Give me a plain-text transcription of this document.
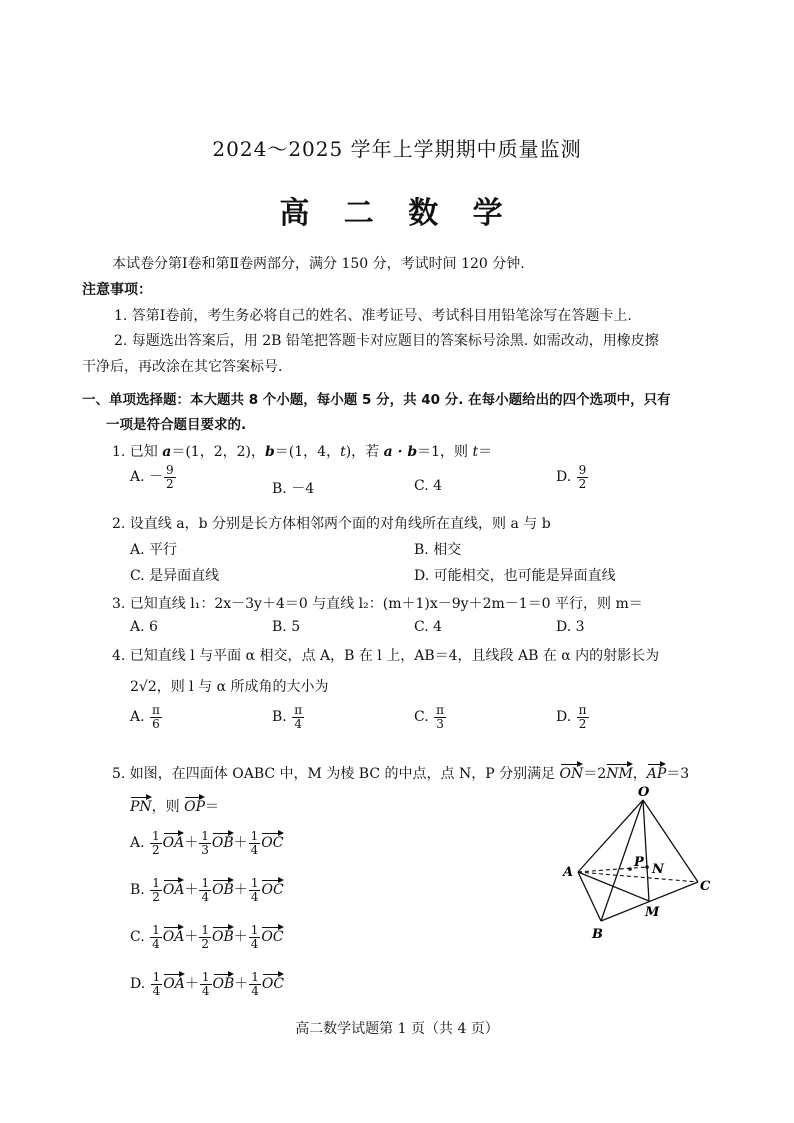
2024～2025 学年上学期期中质量监测
高 二 数 学
本试卷分第Ⅰ卷和第Ⅱ卷两部分，满分 150 分，考试时间 120 分钟.
注意事项：
1. 答第Ⅰ卷前，考生务必将自己的姓名、准考证号、考试科目用铅笔涂写在答题卡上.
2. 每题选出答案后，用 2B 铅笔把答题卡对应题目的答案标号涂黑. 如需改动，用橡皮擦
干净后，再改涂在其它答案标号.
一、单项选择题：本大题共 8 个小题，每小题 5 分，共 40 分. 在每小题给出的四个选项中，只有
一项是符合题目要求的.
1. 已知 a＝(1，2，2)，b＝(1，4，t)，若 a · b＝1，则 t＝
A. － $\frac{9}{2}$	B. －4	C. 4
D. $\frac{9}{2}$
2. 设直线 a，b 分别是长方体相邻两个面的对角线所在直线，则 a 与 b
A. 平行	B. 相交
C. 是异面直线	D. 可能相交，也可能是异面直线
3. 已知直线 l₁：2x－3y＋4＝0 与直线 l₂：(m＋1)x－9y＋2m－1＝0 平行，则 m＝
A. 6	B. 5	C. 4	D. 3
4. 已知直线 l 与平面 α 相交，点 A，B 在 l 上，AB＝4，且线段 AB 在 α 内的射影长为
2√2，则 l 与 α 所成角的大小为
A. $\frac{\pi}{6}$	B. $\frac{\pi}{4}$	C. $\frac{\pi}{3}$	D. $\frac{\pi}{2}$
5. 如图，在四面体 OABC 中，M 为棱 BC 的中点，点 N，P 分别满足 ON＝2NM，AP＝3
PN，则 OP＝
A. $\frac{1}{2} OA+ \frac{1}{3} OB+ \frac{1}{4}$ OC
B. $\frac{1}{2} OA+ \frac{1}{4} OB+ \frac{1}{4}$ OC
C. $\frac{1}{4} OA+ \frac{1}{2} OB+ \frac{1}{4}$ OC
D. $\frac{1}{4} OA+ \frac{1}{4} OB+ \frac{1}{4}$ OC
O
A
B
C
M
N
P
高二数学试题第 1 页（共 4 页）
